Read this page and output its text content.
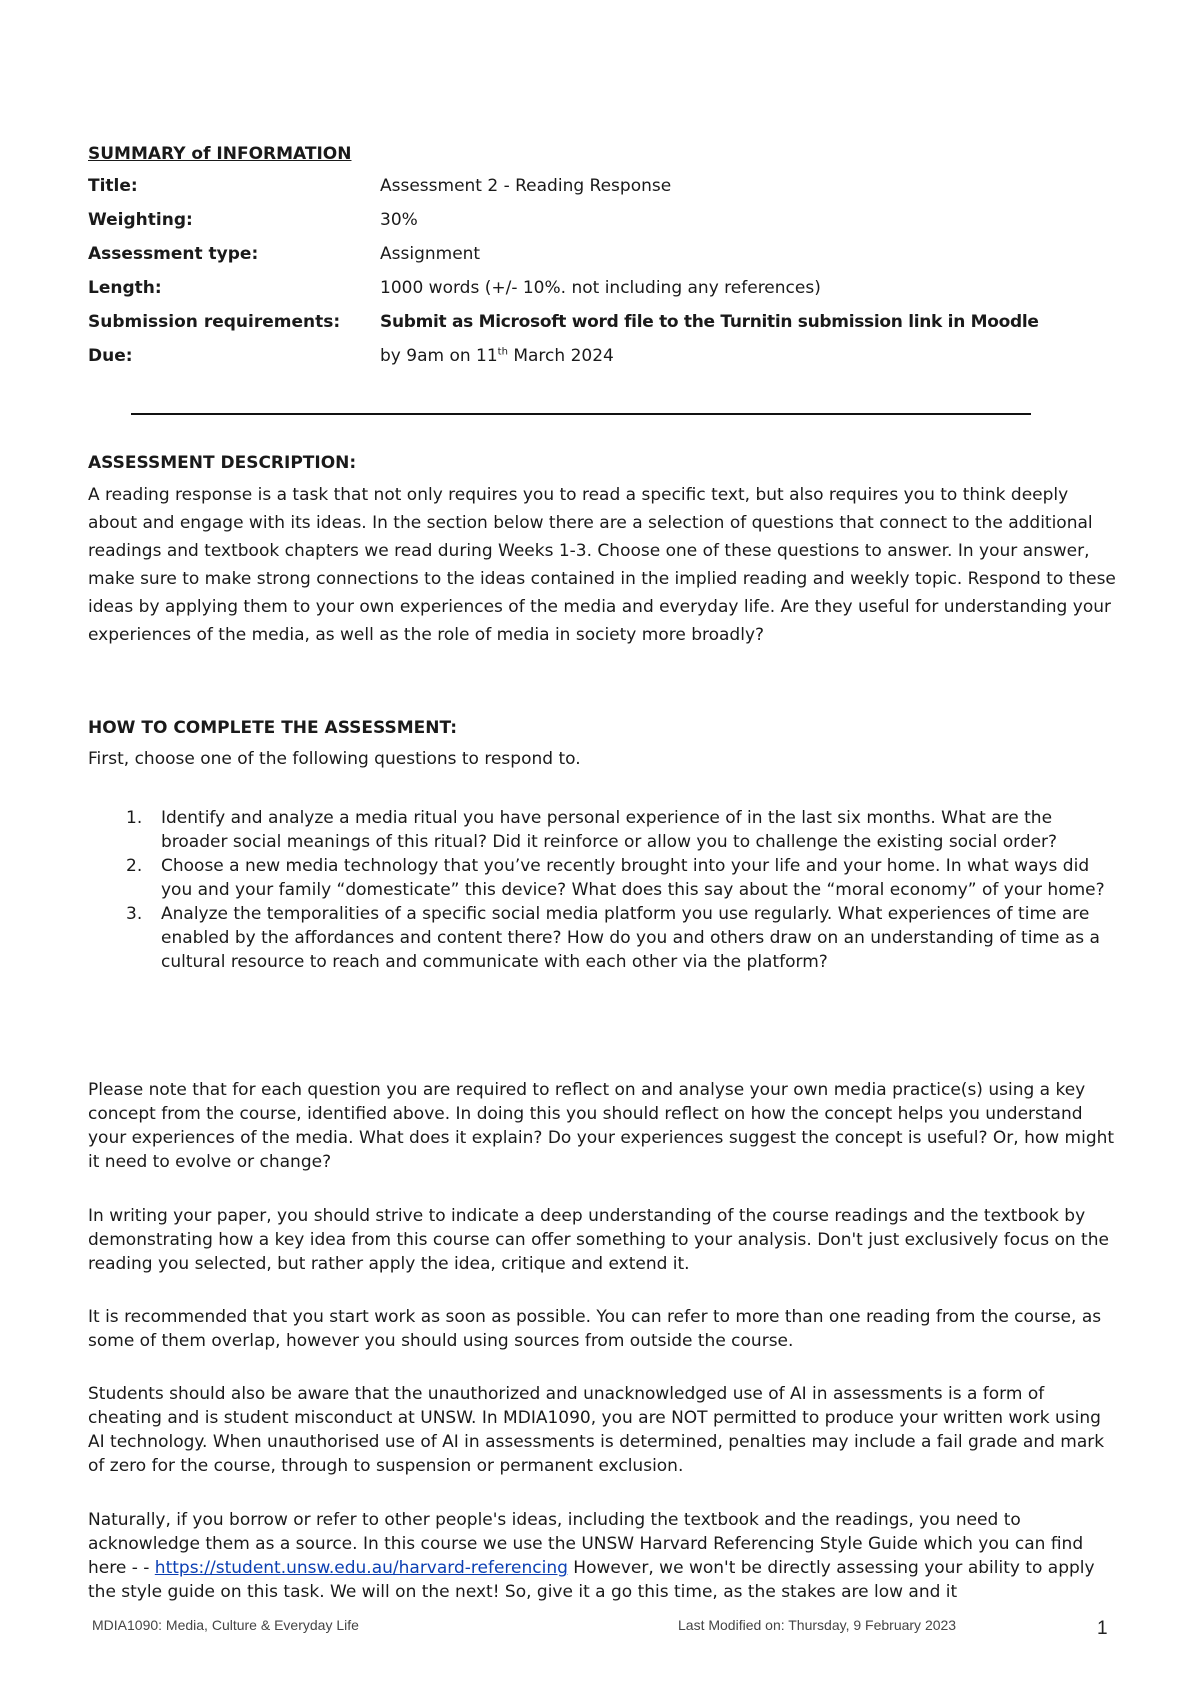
SUMMARY of INFORMATION
Title:	Assessment 2 - Reading Response
Weighting:	30%
Assessment type:	Assignment
Length:	1000 words (+/- 10%. not including any references)
Submission requirements:	Submit as Microsoft word file to the Turnitin submission link in Moodle
Due:	by 9am on 11th March 2024
ASSESSMENT DESCRIPTION:
A reading response is a task that not only requires you to read a specific text, but also requires you to think deeply about and engage with its ideas. In the section below there are a selection of questions that connect to the additional readings and textbook chapters we read during Weeks 1-3. Choose one of these questions to answer. In your answer, make sure to make strong connections to the ideas contained in the implied reading and weekly topic. Respond to these ideas by applying them to your own experiences of the media and everyday life. Are they useful for understanding your experiences of the media, as well as the role of media in society more broadly?
HOW TO COMPLETE THE ASSESSMENT:
First, choose one of the following questions to respond to.
1.	Identify and analyze a media ritual you have personal experience of in the last six months. What are the broader social meanings of this ritual? Did it reinforce or allow you to challenge the existing social order?
2.	Choose a new media technology that you’ve recently brought into your life and your home. In what ways did you and your family “domesticate” this device? What does this say about the “moral economy” of your home?
3.	Analyze the temporalities of a specific social media platform you use regularly. What experiences of time are enabled by the affordances and content there? How do you and others draw on an understanding of time as a cultural resource to reach and communicate with each other via the platform?
Please note that for each question you are required to reflect on and analyse your own media practice(s) using a key concept from the course, identified above. In doing this you should reflect on how the concept helps you understand your experiences of the media. What does it explain? Do your experiences suggest the concept is useful? Or, how might it need to evolve or change?
In writing your paper, you should strive to indicate a deep understanding of the course readings and the textbook by demonstrating how a key idea from this course can offer something to your analysis. Don't just exclusively focus on the reading you selected, but rather apply the idea, critique and extend it.
It is recommended that you start work as soon as possible. You can refer to more than one reading from the course, as some of them overlap, however you should using sources from outside the course.
Students should also be aware that the unauthorized and unacknowledged use of AI in assessments is a form of cheating and is student misconduct at UNSW. In MDIA1090, you are NOT permitted to produce your written work using AI technology. When unauthorised use of AI in assessments is determined, penalties may include a fail grade and mark of zero for the course, through to suspension or permanent exclusion.
Naturally, if you borrow or refer to other people's ideas, including the textbook and the readings, you need to acknowledge them as a source. In this course we use the UNSW Harvard Referencing Style Guide which you can find here - - https://student.unsw.edu.au/harvard-referencing However, we won't be directly assessing your ability to apply the style guide on this task. We will on the next! So, give it a go this time, as the stakes are low and it
MDIA1090: Media, Culture & Everyday Life	Last Modified on: Thursday, 9 February 2023	1
